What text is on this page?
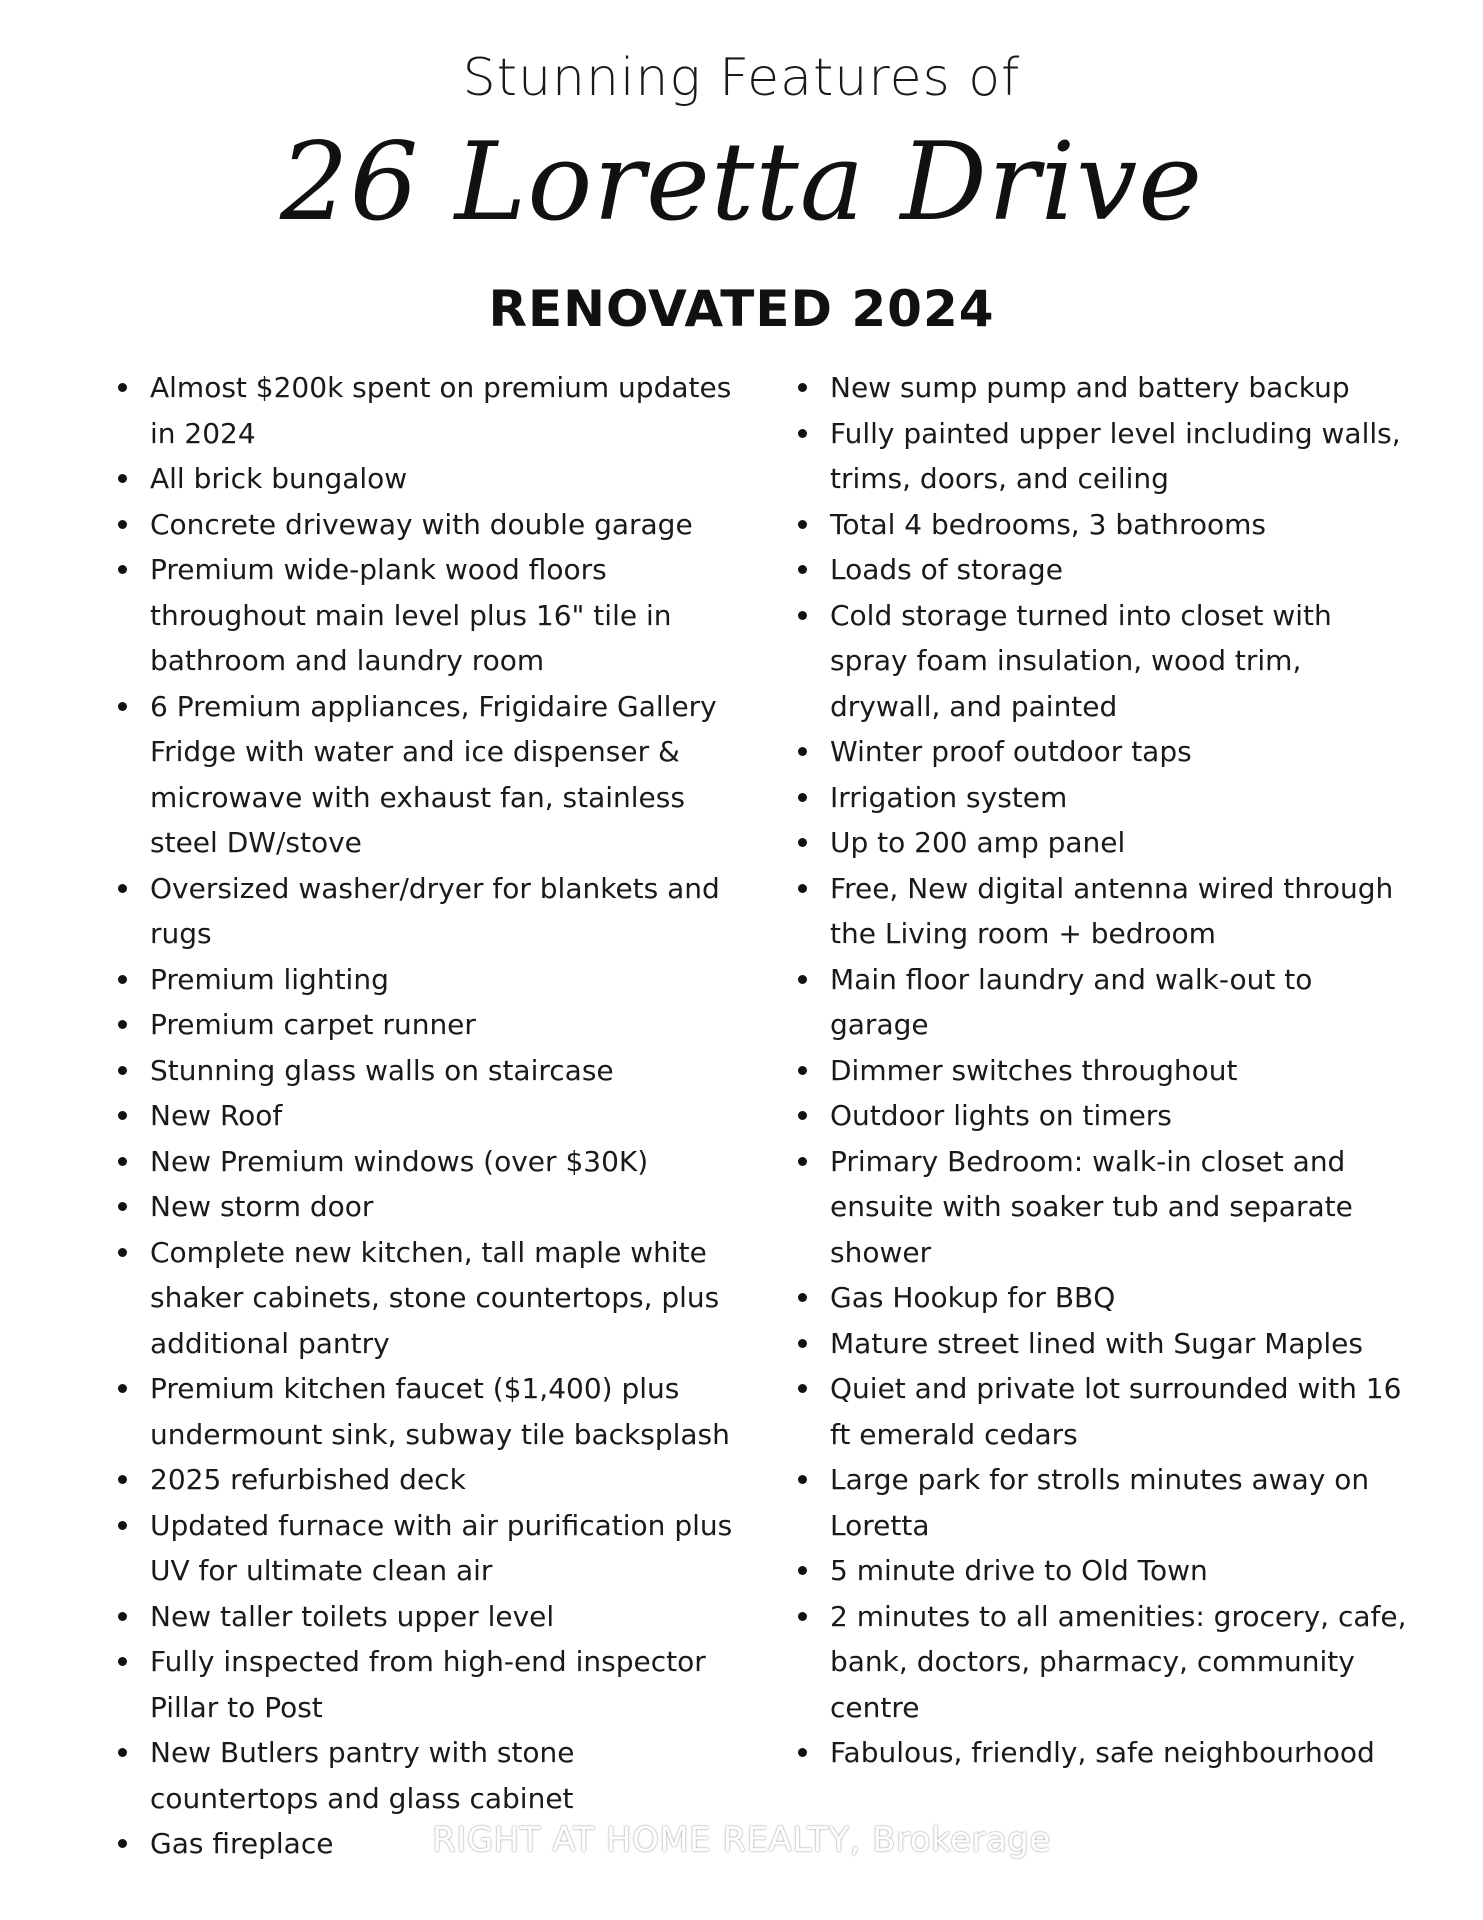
Stunning Features of
26 Loretta Drive
RENOVATED 2024
Almost $200k spent on premium updates in 2024
All brick bungalow
Concrete driveway with double garage
Premium wide-plank wood floors throughout main level plus 16" tile in bathroom and laundry room
6 Premium appliances, Frigidaire Gallery Fridge with water and ice dispenser & microwave with exhaust fan, stainless steel DW/stove
Oversized washer/dryer for blankets and rugs
Premium lighting
Premium carpet runner
Stunning glass walls on staircase
New Roof
New Premium windows (over $30K)
New storm door
Complete new kitchen, tall maple white shaker cabinets, stone countertops, plus additional pantry
Premium kitchen faucet ($1,400) plus undermount sink, subway tile backsplash
2025 refurbished deck
Updated furnace with air purification plus UV for ultimate clean air
New taller toilets upper level
Fully inspected from high-end inspector Pillar to Post
New Butlers pantry with stone countertops and glass cabinet
Gas fireplace
New sump pump and battery backup
Fully painted upper level including walls, trims, doors, and ceiling
Total 4 bedrooms, 3 bathrooms
Loads of storage
Cold storage turned into closet with spray foam insulation, wood trim, drywall, and painted
Winter proof outdoor taps
Irrigation system
Up to 200 amp panel
Free, New digital antenna wired through the Living room + bedroom
Main floor laundry and walk-out to garage
Dimmer switches throughout
Outdoor lights on timers
Primary Bedroom: walk-in closet and ensuite with soaker tub and separate shower
Gas Hookup for BBQ
Mature street lined with Sugar Maples
Quiet and private lot surrounded with 16 ft emerald cedars
Large park for strolls minutes away on Loretta
5 minute drive to Old Town
2 minutes to all amenities: grocery, cafe, bank, doctors, pharmacy, community centre
Fabulous, friendly, safe neighbourhood
RIGHT AT HOME REALTY, Brokerage
